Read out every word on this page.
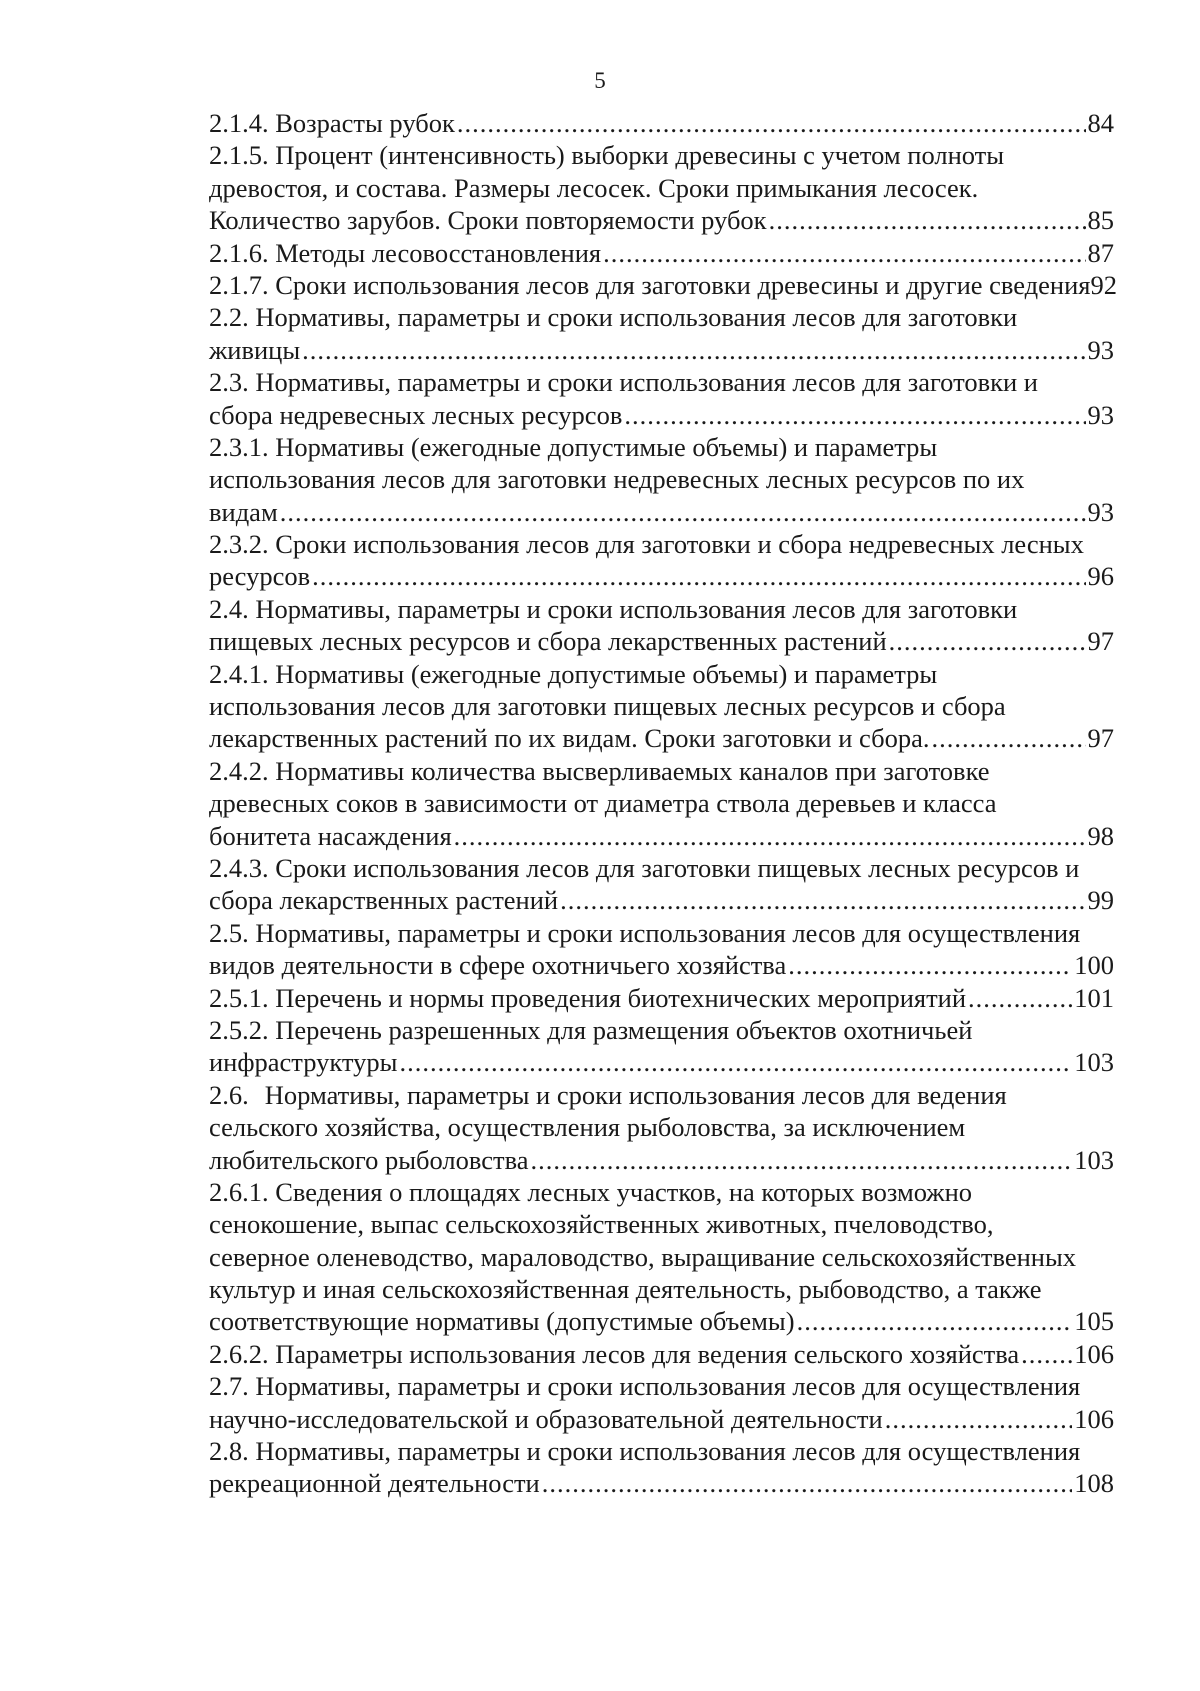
5
2.1.4. Возрасты рубок .....	84
2.1.5. Процент (интенсивность) выборки древесины с учетом полноты
древостоя, и состава. Размеры лесосек. Сроки примыкания лесосек.
Количество зарубов. Сроки повторяемости рубок .....	85
2.1.6. Методы лесовосстановления .....	87
2.1.7. Сроки использования лесов для заготовки древесины и другие сведения 92
2.2. Нормативы, параметры и сроки использования лесов для заготовки
живицы .....	93
2.3. Нормативы, параметры и сроки использования лесов для заготовки и
сбора недревесных лесных ресурсов .....	93
2.3.1. Нормативы (ежегодные допустимые объемы) и параметры
использования лесов для заготовки недревесных лесных ресурсов по их
видам .....	93
2.3.2. Сроки использования лесов для заготовки и сбора недревесных лесных
ресурсов .....	96
2.4. Нормативы, параметры и сроки использования лесов для заготовки
пищевых лесных ресурсов и сбора лекарственных растений .....	97
2.4.1. Нормативы (ежегодные допустимые объемы) и параметры
использования лесов для заготовки пищевых лесных ресурсов и сбора
лекарственных растений по их видам. Сроки заготовки и сбора. .....	97
2.4.2. Нормативы количества высверливаемых каналов при заготовке
древесных соков в зависимости от диаметра ствола деревьев и класса
бонитета насаждения .....	98
2.4.3. Сроки использования лесов для заготовки пищевых лесных ресурсов и
сбора лекарственных растений .....	99
2.5. Нормативы, параметры и сроки использования лесов для осуществления
видов деятельности в сфере охотничьего хозяйства .....	100
2.5.1. Перечень и нормы проведения биотехнических мероприятий .....	101
2.5.2. Перечень разрешенных для размещения объектов охотничьей
инфраструктуры .....	103
2.6. Нормативы, параметры и сроки использования лесов для ведения
сельского хозяйства, осуществления рыболовства, за исключением
любительского рыболовства .....	103
2.6.1. Сведения о площадях лесных участков, на которых возможно
сенокошение, выпас сельскохозяйственных животных, пчеловодство,
северное оленеводство, мараловодство, выращивание сельскохозяйственных
культур и иная сельскохозяйственная деятельность, рыбоводство, а также
соответствующие нормативы (допустимые объемы) .....	105
2.6.2. Параметры использования лесов для ведения сельского хозяйства ..... 106
2.7. Нормативы, параметры и сроки использования лесов для осуществления
научно-исследовательской и образовательной деятельности .....	106
2.8. Нормативы, параметры и сроки использования лесов для осуществления
рекреационной деятельности .....	108
